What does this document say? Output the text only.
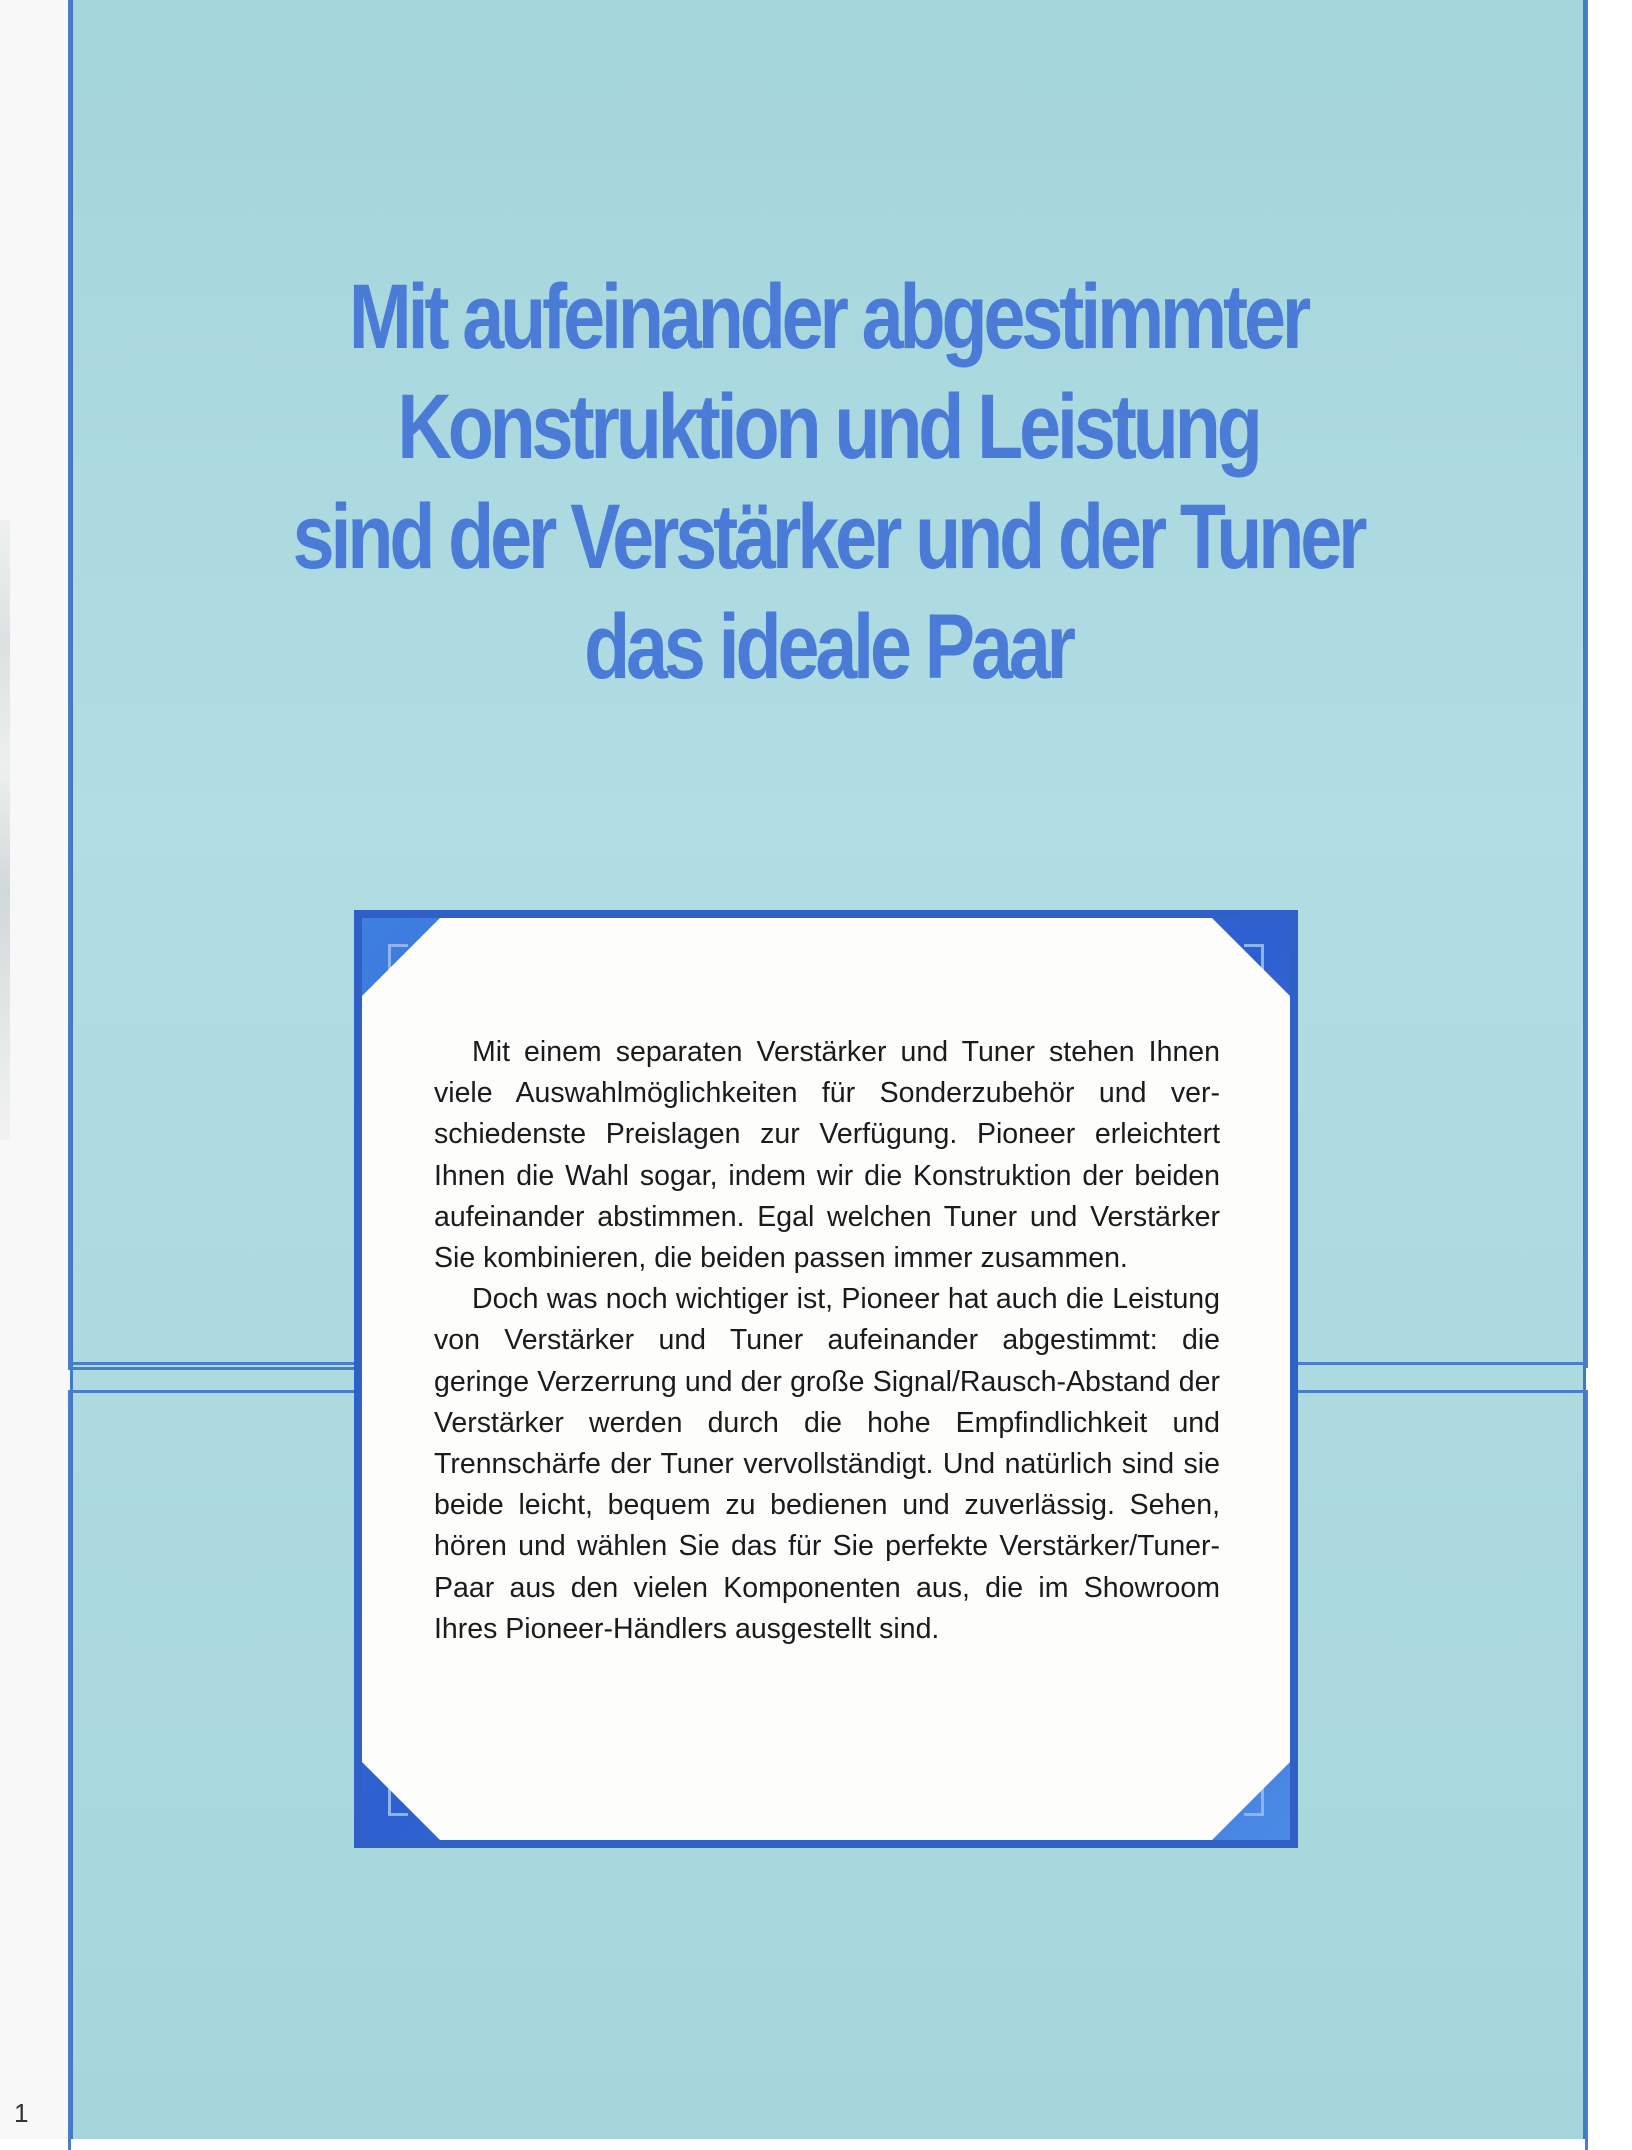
1
Mit aufeinander abgestimmter
Konstruktion und Leistung
sind der Verstärker und der Tuner
das ideale Paar

Mit einem separaten Verstärker und Tuner stehen Ihnen viele Auswahlmöglichkeiten für Sonderzubehör und verschiedenste Preislagen zur Verfügung. Pioneer erleichtert Ihnen die Wahl sogar, indem wir die Konstruktion der beiden aufeinander abstimmen. Egal welchen Tuner und Verstärker Sie kombinieren, die beiden passen immer zusammen.

Doch was noch wichtiger ist, Pioneer hat auch die Leistung von Verstärker und Tuner aufeinander abgestimmt: die geringe Verzerrung und der große Signal/Rausch-Abstand der Verstärker werden durch die hohe Empfindlichkeit und Trennschärfe der Tuner vervollständigt. Und natürlich sind sie beide leicht, bequem zu bedienen und zuverlässig. Sehen, hören und wählen Sie das für Sie perfekte Verstärker/Tuner-Paar aus den vielen Komponenten aus, die im Showroom Ihres Pioneer-Händlers ausgestellt sind.
